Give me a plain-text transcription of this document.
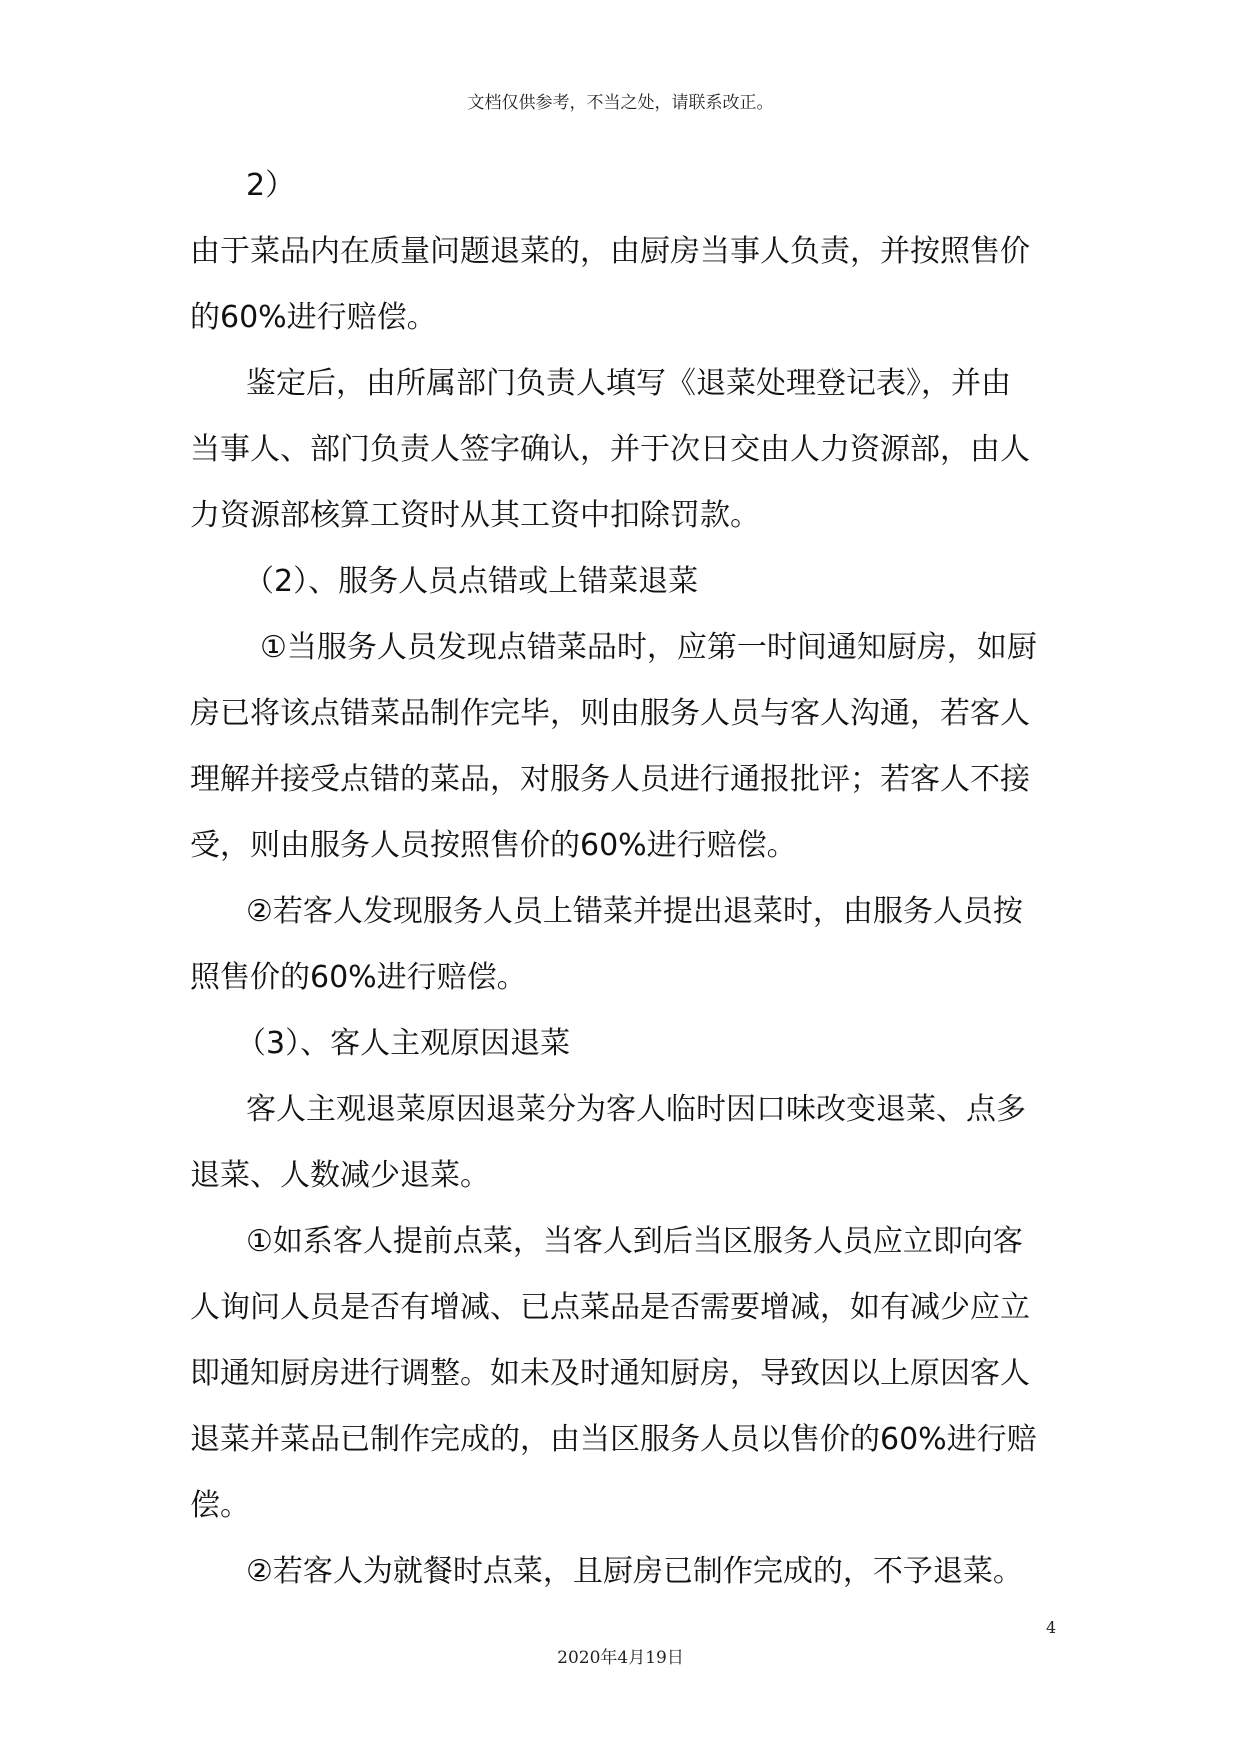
文档仅供参考，不当之处，请联系改正。

2）

由于菜品内在质量问题退菜的，由厨房当事人负责，并按照售价

的60%进行赔偿。

鉴定后，由所属部门负责人填写《退菜处理登记表》，并由

当事人、部门负责人签字确认，并于次日交由人力资源部，由人

力资源部核算工资时从其工资中扣除罚款。

（2）、服务人员点错或上错菜退菜

①当服务人员发现点错菜品时，应第一时间通知厨房，如厨

房已将该点错菜品制作完毕，则由服务人员与客人沟通，若客人

理解并接受点错的菜品，对服务人员进行通报批评；若客人不接

受，则由服务人员按照售价的60%进行赔偿。

②若客人发现服务人员上错菜并提出退菜时，由服务人员按

照售价的60%进行赔偿。

（3）、客人主观原因退菜

客人主观退菜原因退菜分为客人临时因口味改变退菜、点多

退菜、人数减少退菜。

①如系客人提前点菜，当客人到后当区服务人员应立即向客

人询问人员是否有增减、已点菜品是否需要增减，如有减少应立

即通知厨房进行调整。如未及时通知厨房，导致因以上原因客人

退菜并菜品已制作完成的，由当区服务人员以售价的60%进行赔

偿。

②若客人为就餐时点菜，且厨房已制作完成的，不予退菜。

4
2020年4月19日
